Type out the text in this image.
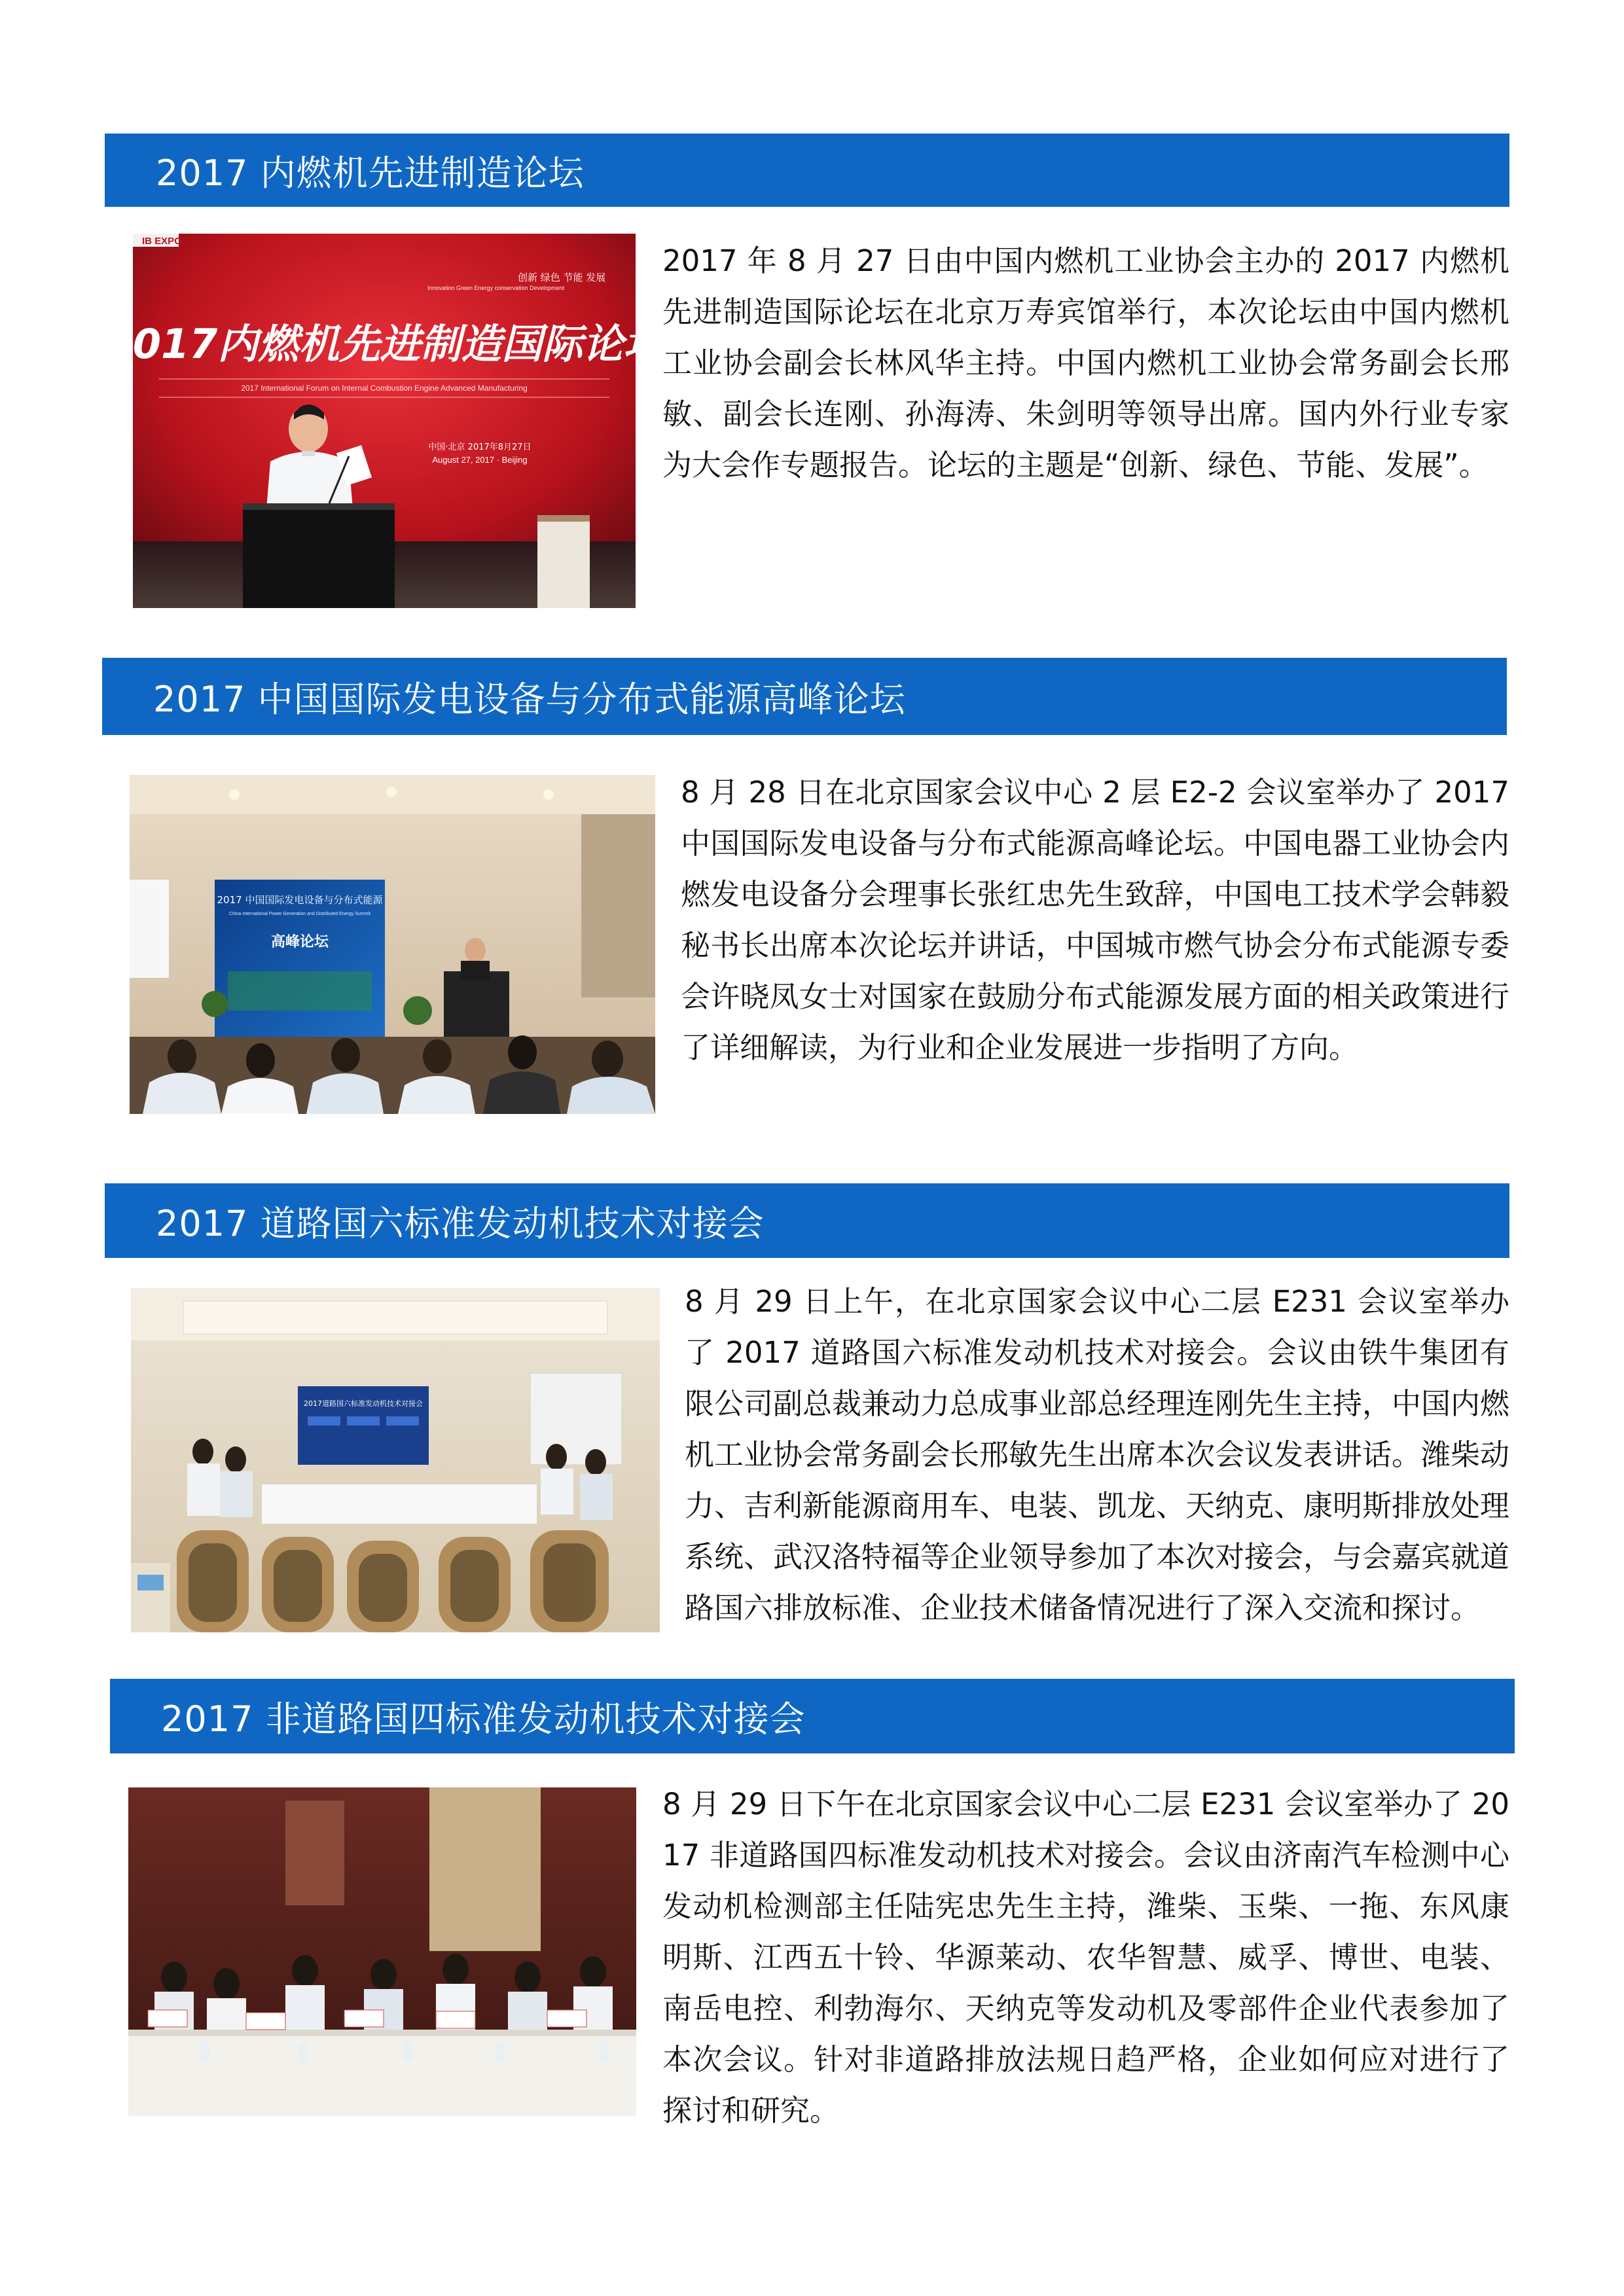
2017 内燃机先进制造论坛
IB EXPO
创新 绿色 节能 发展
Innovation Green Energy conservation Development
2017内燃机先进制造国际论坛
2017 International Forum on Internal Combustion Engine Advanced Manufacturing
中国·北京 2017年8月27日
August 27, 2017 · Beijing

2017 年 8 月 27 日由中国内燃机工业协会主办的 2017 内燃机先进制造国际论坛在北京万寿宾馆举行，本次论坛由中国内燃机工业协会副会长林风华主持。中国内燃机工业协会常务副会长邢敏、副会长连刚、孙海涛、朱剑明等领导出席。国内外行业专家为大会作专题报告。论坛的主题是“创新、绿色、节能、发展”。

2017 中国国际发电设备与分布式能源高峰论坛
2017 中国国际发电设备与分布式能源
China International Power Generation and Distributed Energy Summit
高峰论坛

8 月 28 日在北京国家会议中心 2 层 E2-2 会议室举办了 2017 中国国际发电设备与分布式能源高峰论坛。中国电器工业协会内燃发电设备分会理事长张红忠先生致辞，中国电工技术学会韩毅秘书长出席本次论坛并讲话，中国城市燃气协会分布式能源专委会许晓凤女士对国家在鼓励分布式能源发展方面的相关政策进行了详细解读，为行业和企业发展进一步指明了方向。

2017 道路国六标准发动机技术对接会
2017道路国六标准发动机技术对接会

8 月 29 日上午，在北京国家会议中心二层 E231 会议室举办了 2017 道路国六标准发动机技术对接会。会议由铁牛集团有限公司副总裁兼动力总成事业部总经理连刚先生主持，中国内燃机工业协会常务副会长邢敏先生出席本次会议发表讲话。潍柴动力、吉利新能源商用车、电装、凯龙、天纳克、康明斯排放处理系统、武汉洛特福等企业领导参加了本次对接会，与会嘉宾就道路国六排放标准、企业技术储备情况进行了深入交流和探讨。

2017 非道路国四标准发动机技术对接会

8 月 29 日下午在北京国家会议中心二层 E231 会议室举办了 2017 非道路国四标准发动机技术对接会。会议由济南汽车检测中心发动机检测部主任陆宪忠先生主持，潍柴、玉柴、一拖、东风康明斯、江西五十铃、华源莱动、农华智慧、威孚、博世、电装、南岳电控、利勃海尔、天纳克等发动机及零部件企业代表参加了本次会议。针对非道路排放法规日趋严格，企业如何应对进行了探讨和研究。
